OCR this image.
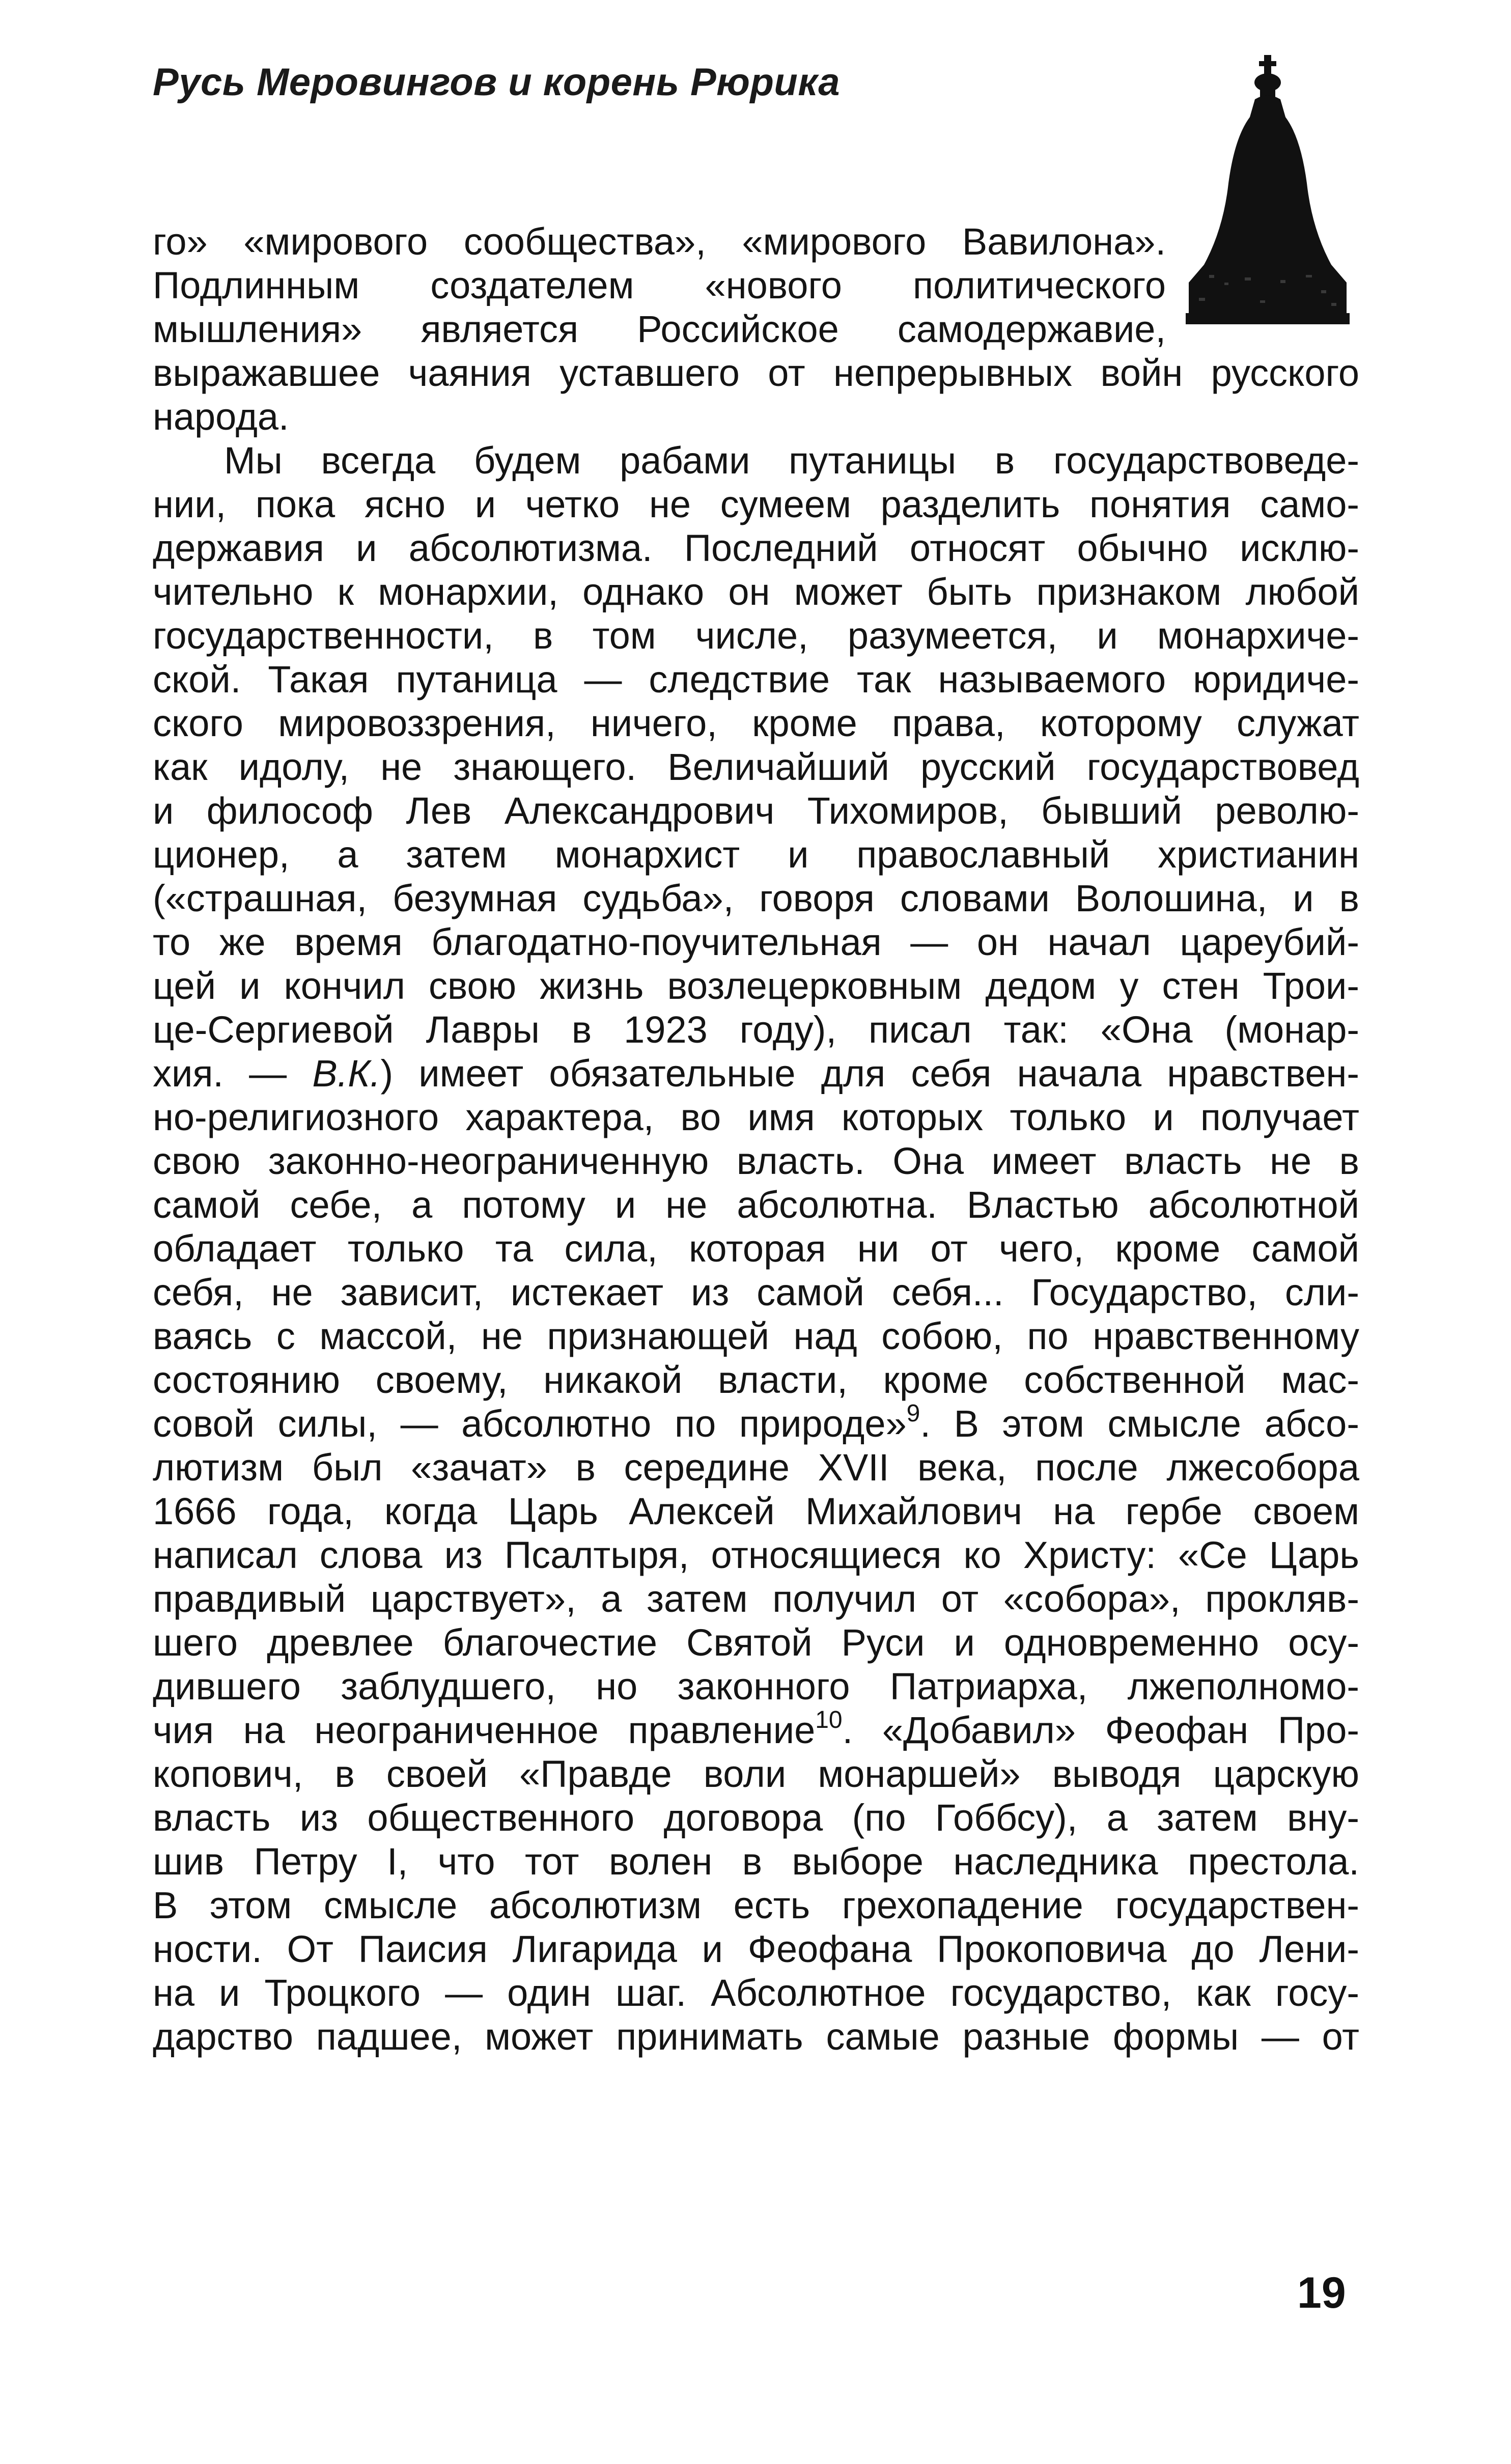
Русь Меровингов и корень Рюрика
го» «мирового сообщества», «мирового Вавилона».
Подлинным создателем «нового политического
мышления» является Российское самодержавие,
выражавшее чаяния уставшего от непрерывных войн русского
народа.
Мы всегда будем рабами путаницы в государствоведе-
нии, пока ясно и четко не сумеем разделить понятия само-
державия и абсолютизма. Последний относят обычно исклю-
чительно к монархии, однако он может быть признаком любой
государственности, в том числе, разумеется, и монархиче-
ской. Такая путаница — следствие так называемого юридиче-
ского мировоззрения, ничего, кроме права, которому служат
как идолу, не знающего. Величайший русский государствовед
и философ Лев Александрович Тихомиров, бывший револю-
ционер, а затем монархист и православный христианин
(«страшная, безумная судьба», говоря словами Волошина, и в
то же время благодатно-поучительная — он начал цареубий-
цей и кончил свою жизнь возлецерковным дедом у стен Трои-
це-Сергиевой Лавры в 1923 году), писал так: «Она (монар-
хия. — В.К.) имеет обязательные для себя начала нравствен-
но-религиозного характера, во имя которых только и получает
свою законно-неограниченную власть. Она имеет власть не в
самой себе, а потому и не абсолютна. Властью абсолютной
обладает только та сила, которая ни от чего, кроме самой
себя, не зависит, истекает из самой себя... Государство, сли-
ваясь с массой, не признающей над собою, по нравственному
состоянию своему, никакой власти, кроме собственной мас-
совой силы, — абсолютно по природе»$^9$. В этом смысле абсо-
лютизм был «зачат» в середине XVII века, после лжесобора
1666 года, когда Царь Алексей Михайлович на гербе своем
написал слова из Псалтыря, относящиеся ко Христу: «Се Царь
правдивый царствует», а затем получил от «собора», прокляв-
шего древлее благочестие Святой Руси и одновременно осу-
дившего заблудшего, но законного Патриарха, лжеполномо-
чия на неограниченное правление$^{10}$. «Добавил» Феофан Про-
копович, в своей «Правде воли монаршей» выводя царскую
власть из общественного договора (по Гоббсу), а затем вну-
шив Петру I, что тот волен в выборе наследника престола.
В этом смысле абсолютизм есть грехопадение государствен-
ности. От Паисия Лигарида и Феофана Прокоповича до Лени-
на и Троцкого — один шаг. Абсолютное государство, как госу-
дарство падшее, может принимать самые разные формы — от
19
